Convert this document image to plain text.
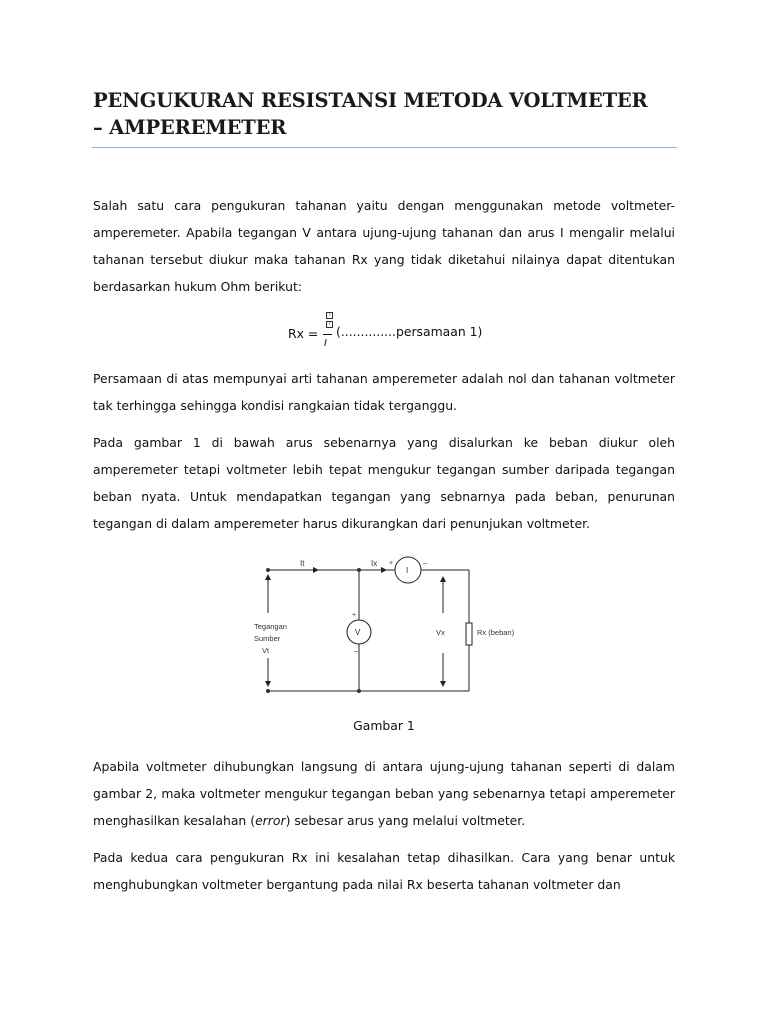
PENGUKURAN RESISTANSI METODA VOLTMETER
– AMPEREMETER
Salah satu cara pengukuran tahanan yaitu dengan menggunakan metode voltmeter-
amperemeter. Apabila tegangan V antara ujung-ujung tahanan dan arus I mengalir melalui
tahanan tersebut diukur maka tahanan Rx yang tidak diketahui nilainya dapat ditentukan
berdasarkan hukum Ohm berikut:
Rx =
?
?
I
(..............persamaan 1)
Persamaan di atas mempunyai arti tahanan amperemeter adalah nol dan tahanan voltmeter
tak terhingga sehingga kondisi rangkaian tidak terganggu.
Pada gambar 1 di bawah arus sebenarnya yang disalurkan ke beban diukur oleh
amperemeter tetapi voltmeter lebih tepat mengukur tegangan sumber daripada tegangan
beban nyata. Untuk mendapatkan tegangan yang sebnarnya pada beban, penurunan
tegangan di dalam amperemeter harus dikurangkan dari penunjukan voltmeter.
It	Ix
I
+	–
V
+
–
Tegangan
Sumber
Vt
Vx	Rx (beban)
Gambar 1
Apabila voltmeter dihubungkan langsung di antara ujung-ujung tahanan seperti di dalam
gambar 2, maka voltmeter mengukur tegangan beban yang sebenarnya tetapi amperemeter
menghasilkan kesalahan (error) sebesar arus yang melalui voltmeter.
Pada kedua cara pengukuran Rx ini kesalahan tetap dihasilkan. Cara yang benar untuk
menghubungkan voltmeter bergantung pada nilai Rx beserta tahanan voltmeter dan
